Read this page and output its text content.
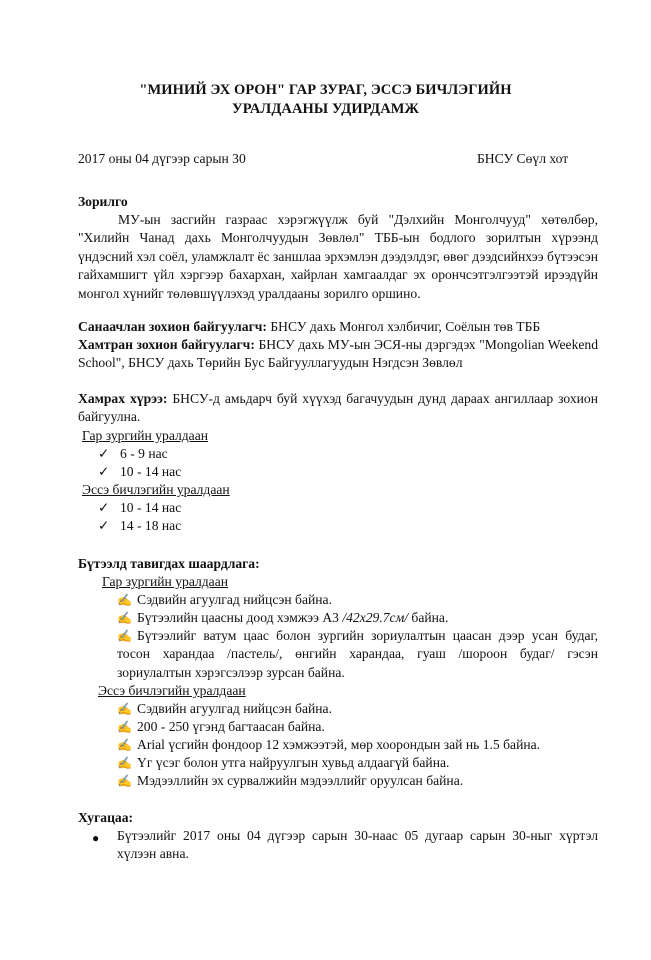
"МИНИЙ ЭХ ОРОН" ГАР ЗУРАГ, ЭССЭ БИЧЛЭГИЙН
УРАЛДААНЫ УДИРДАМЖ
2017 оны 04 дүгээр сарын 30	БНСУ Сөүл хот
Зорилго
МУ-ын засгийн газраас хэрэгжүүлж буй "Дэлхийн Монголчууд" хөтөлбөр, "Хилийн Чанад дахь Монголчуудын Зөвлөл" ТББ-ын бодлого зорилтын хүрээнд үндэсний хэл соёл, уламжлалт ёс заншлаа эрхэмлэн дээдэлдэг, өвөг дээдсийнхээ бүтээсэн гайхамшигт үйл хэргээр бахархан, хайрлан хамгаалдаг эх орончсэтгэлгээтэй ирээдүйн монгол хүнийг төлөвшүүлэхэд уралдааны зорилго оршино.
Санаачлан зохион байгуулагч: БНСУ дахь Монгол хэлбичиг, Соёлын төв ТББ
Хамтран зохион байгуулагч: БНСУ дахь МУ-ын ЭСЯ-ны дэргэдэх "Mongolian Weekend School", БНСУ дахь Төрийн Бус Байгууллагуудын Нэгдсэн Зөвлөл
Хамрах хүрээ: БНСУ-д амьдарч буй хүүхэд багачуудын дунд дараах ангиллаар зохион байгуулна.
Гар зургийн уралдаан
✓ 6 - 9 нас
✓ 10 - 14 нас
Эссэ бичлэгийн уралдаан
✓ 10 - 14 нас
✓ 14 - 18 нас
Бүтээлд тавигдах шаардлага:
Гар зургийн уралдаан
✍ Сэдвийн агуулгад нийцсэн байна.
✍ Бүтээлийн цаасны доод хэмжээ А3 /42x29.7см/ байна.
✍ Бүтээлийг ватум цаас болон зургийн зориулалтын цаасан дээр усан будаг, тосон харандаа /пастель/, өнгийн харандаа, гуаш /шороон будаг/ гэсэн зориулалтын хэрэгсэлээр зурсан байна.
Эссэ бичлэгийн уралдаан
✍ Сэдвийн агуулгад нийцсэн байна.
✍ 200 - 250 үгэнд багтаасан байна.
✍ Arial үсгийн фондоор 12 хэмжээтэй, мөр хоорондын зай нь 1.5 байна.
✍ Үг үсэг болон утга найруулгын хувьд алдаагүй байна.
✍ Мэдээллийн эх сурвалжийн мэдээллийг оруулсан байна.
Хугацаа:
● Бүтээлийг 2017 оны 04 дүгээр сарын 30-наас 05 дугаар сарын 30-ныг хүртэл хүлээн авна.
